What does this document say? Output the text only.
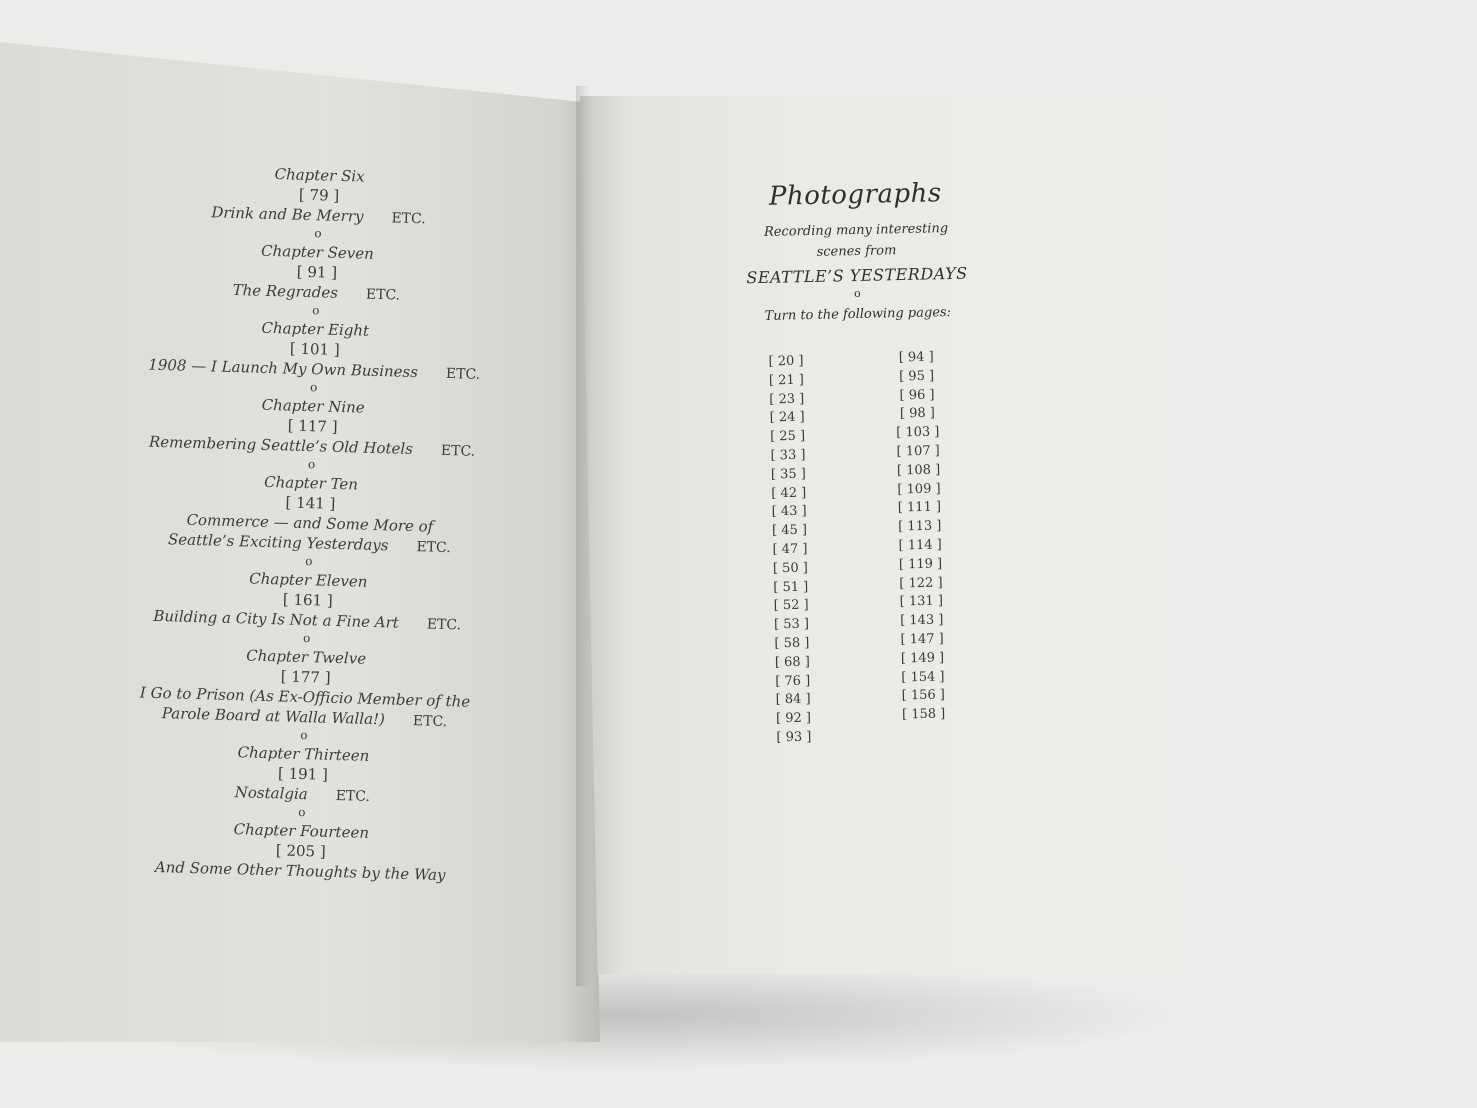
Chapter Six
[ 79 ]
Drink and Be Merry ETC.
o
Chapter Seven
[ 91 ]
The Regrades ETC.
o
Chapter Eight
[ 101 ]
1908 — I Launch My Own Business ETC.
o
Chapter Nine
[ 117 ]
Remembering Seattle’s Old Hotels ETC.
o
Chapter Ten
[ 141 ]
Commerce — and Some More of
Seattle’s Exciting Yesterdays ETC.
o
Chapter Eleven
[ 161 ]
Building a City Is Not a Fine Art ETC.
o
Chapter Twelve
[ 177 ]
I Go to Prison (As Ex-Officio Member of the
Parole Board at Walla Walla!) ETC.
o
Chapter Thirteen
[ 191 ]
Nostalgia ETC.
o
Chapter Fourteen
[ 205 ]
And Some Other Thoughts by the Way
Photographs
Recording many interesting
scenes from
SEATTLE’S YESTERDAYS
o
Turn to the following pages:
[ 20 ]
[ 21 ]
[ 23 ]
[ 24 ]
[ 25 ]
[ 33 ]
[ 35 ]
[ 42 ]
[ 43 ]
[ 45 ]
[ 47 ]
[ 50 ]
[ 51 ]
[ 52 ]
[ 53 ]
[ 58 ]
[ 68 ]
[ 76 ]
[ 84 ]
[ 92 ]
[ 93 ]
[ 94 ]
[ 95 ]
[ 96 ]
[ 98 ]
[ 103 ]
[ 107 ]
[ 108 ]
[ 109 ]
[ 111 ]
[ 113 ]
[ 114 ]
[ 119 ]
[ 122 ]
[ 131 ]
[ 143 ]
[ 147 ]
[ 149 ]
[ 154 ]
[ 156 ]
[ 158 ]
